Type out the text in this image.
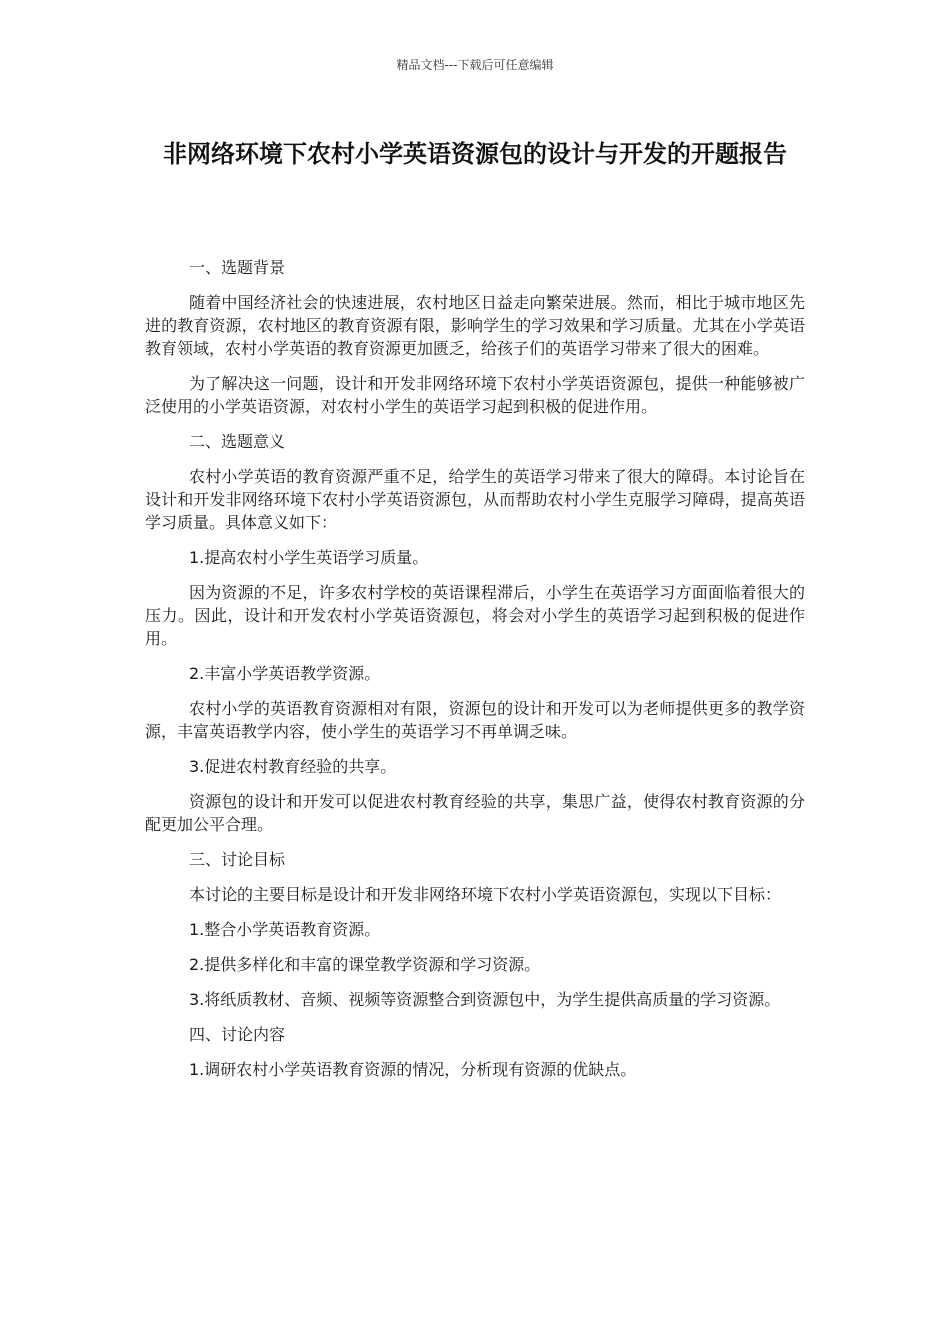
精品文档---下载后可任意编辑
非网络环境下农村小学英语资源包的设计与开发的开题报告

一、选题背景

随着中国经济社会的快速进展，农村地区日益走向繁荣进展。然而，相比于城市地区先进的教育资源，农村地区的教育资源有限，影响学生的学习效果和学习质量。尤其在小学英语教育领域，农村小学英语的教育资源更加匮乏，给孩子们的英语学习带来了很大的困难。

为了解决这一问题，设计和开发非网络环境下农村小学英语资源包，提供一种能够被广泛使用的小学英语资源，对农村小学生的英语学习起到积极的促进作用。

二、选题意义

农村小学英语的教育资源严重不足，给学生的英语学习带来了很大的障碍。本讨论旨在设计和开发非网络环境下农村小学英语资源包，从而帮助农村小学生克服学习障碍，提高英语学习质量。具体意义如下：

1.提高农村小学生英语学习质量。

因为资源的不足，许多农村学校的英语课程滞后，小学生在英语学习方面面临着很大的压力。因此，设计和开发农村小学英语资源包，将会对小学生的英语学习起到积极的促进作用。

2.丰富小学英语教学资源。

农村小学的英语教育资源相对有限，资源包的设计和开发可以为老师提供更多的教学资源，丰富英语教学内容，使小学生的英语学习不再单调乏味。

3.促进农村教育经验的共享。

资源包的设计和开发可以促进农村教育经验的共享，集思广益，使得农村教育资源的分配更加公平合理。

三、讨论目标

本讨论的主要目标是设计和开发非网络环境下农村小学英语资源包，实现以下目标：

1.整合小学英语教育资源。

2.提供多样化和丰富的课堂教学资源和学习资源。

3.将纸质教材、音频、视频等资源整合到资源包中，为学生提供高质量的学习资源。

四、讨论内容

1.调研农村小学英语教育资源的情况，分析现有资源的优缺点。
